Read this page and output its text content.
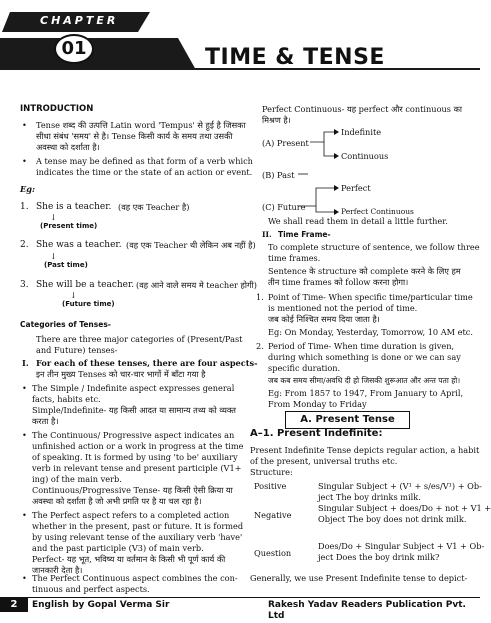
CHAPTER
01	TIME & TENSE
INTRODUCTION
• Tense शब्द की उत्पत्ति Latin word 'Tempus' से हुई है जिसका
सीधा संबंध 'समय' से है। Tense किसी कार्य के समय तथा उसकी
अवस्था को दर्शाता है।
• A tense may be defined as that form of a verb which
indicates the time or the state of an action or event.
Eg:
1. She is a teacher. (वह एक Teacher है)
↓
(Present time)
2. She was a teacher. (वह एक Teacher थी लेकिन अब नहीं है)
↓
(Past time)
3. She will be a teacher. (वह आने वाले समय मे teacher होगी)
↓
(Future time)
Categories of Tenses-
There are three major categories of (Present/Past
and Future) tenses-
I. For each of these tenses, there are four aspects-
इन तीन मुख्य Tenses को चार-चार भागों में बाँटा गया है
• The Simple / Indefinite aspect expresses general
facts, habits etc.
Simple/Indefinite- यह किसी आदत या सामान्य तथ्य को व्यक्त
करता है।
• The Continuous/ Progressive aspect indicates an
unfinished action or a work in progress at the time
of speaking. It is formed by using 'to be' auxiliary
verb in relevant tense and present participle (V1+
ing) of the main verb.
Continuous/Progressive Tense- यह किसी ऐसी क्रिया या
अवस्था को दर्शाता है जो अभी प्रगति पर है या चल रहा है।
• The Perfect aspect refers to a completed action
whether in the present, past or future. It is formed
by using relevant tense of the auxiliary verb 'have'
and the past participle (V3) of main verb.
Perfect- यह भूत, भविष्य या वर्तमान के किसी भी पूर्ण कार्य की
जानकारी देता है।
• The Perfect Continuous aspect combines the con-
tinuous and perfect aspects.
Perfect Continuous- यह perfect और continuous का
मिश्रण है।
(A) Present
(B) Past
(C) Future
Indefinite
Continuous
Perfect
Perfect Continuous
We shall read them in detail a little further.
II. Time Frame-
To complete structure of sentence, we follow three
time frames.
Sentence के structure को complete करने के लिए हम
तीन time frames को follow करना होगा।
1. Point of Time- When specific time/particular time
is mentioned not the period of time.
जब कोई निश्चित समय दिया जाता है।
Eg: On Monday, Yesterday, Tomorrow, 10 AM etc.
2. Period of Time- When time duration is given,
during which something is done or we can say
specific duration.
जब कब समय सीमा/अवधि दी हो जिसकी शुरूआत और अन्त पता हो।
Eg: From 1857 to 1947, From January to April,
A. Present Tense
A–1. Present Indefinite:
Present Indefinite Tense depicts regular action, a habit
of the present, universal truths etc.
Structure:
Positive	Singular Subject + (V¹ + s/es/V¹) + Ob-
ject The boy drinks milk.
Negative
Singular Subject + does/Do + not + V1 +
Object The boy does not drink milk.
Question
Does/Do + Singular Subject + V1 + Ob-
ject Does the boy drink milk?
Generally, we use Present Indefinite tense to depict-
2	English by Gopal Verma Sir	Rakesh Yadav Readers Publication Pvt. Ltd
From Monday to Friday
